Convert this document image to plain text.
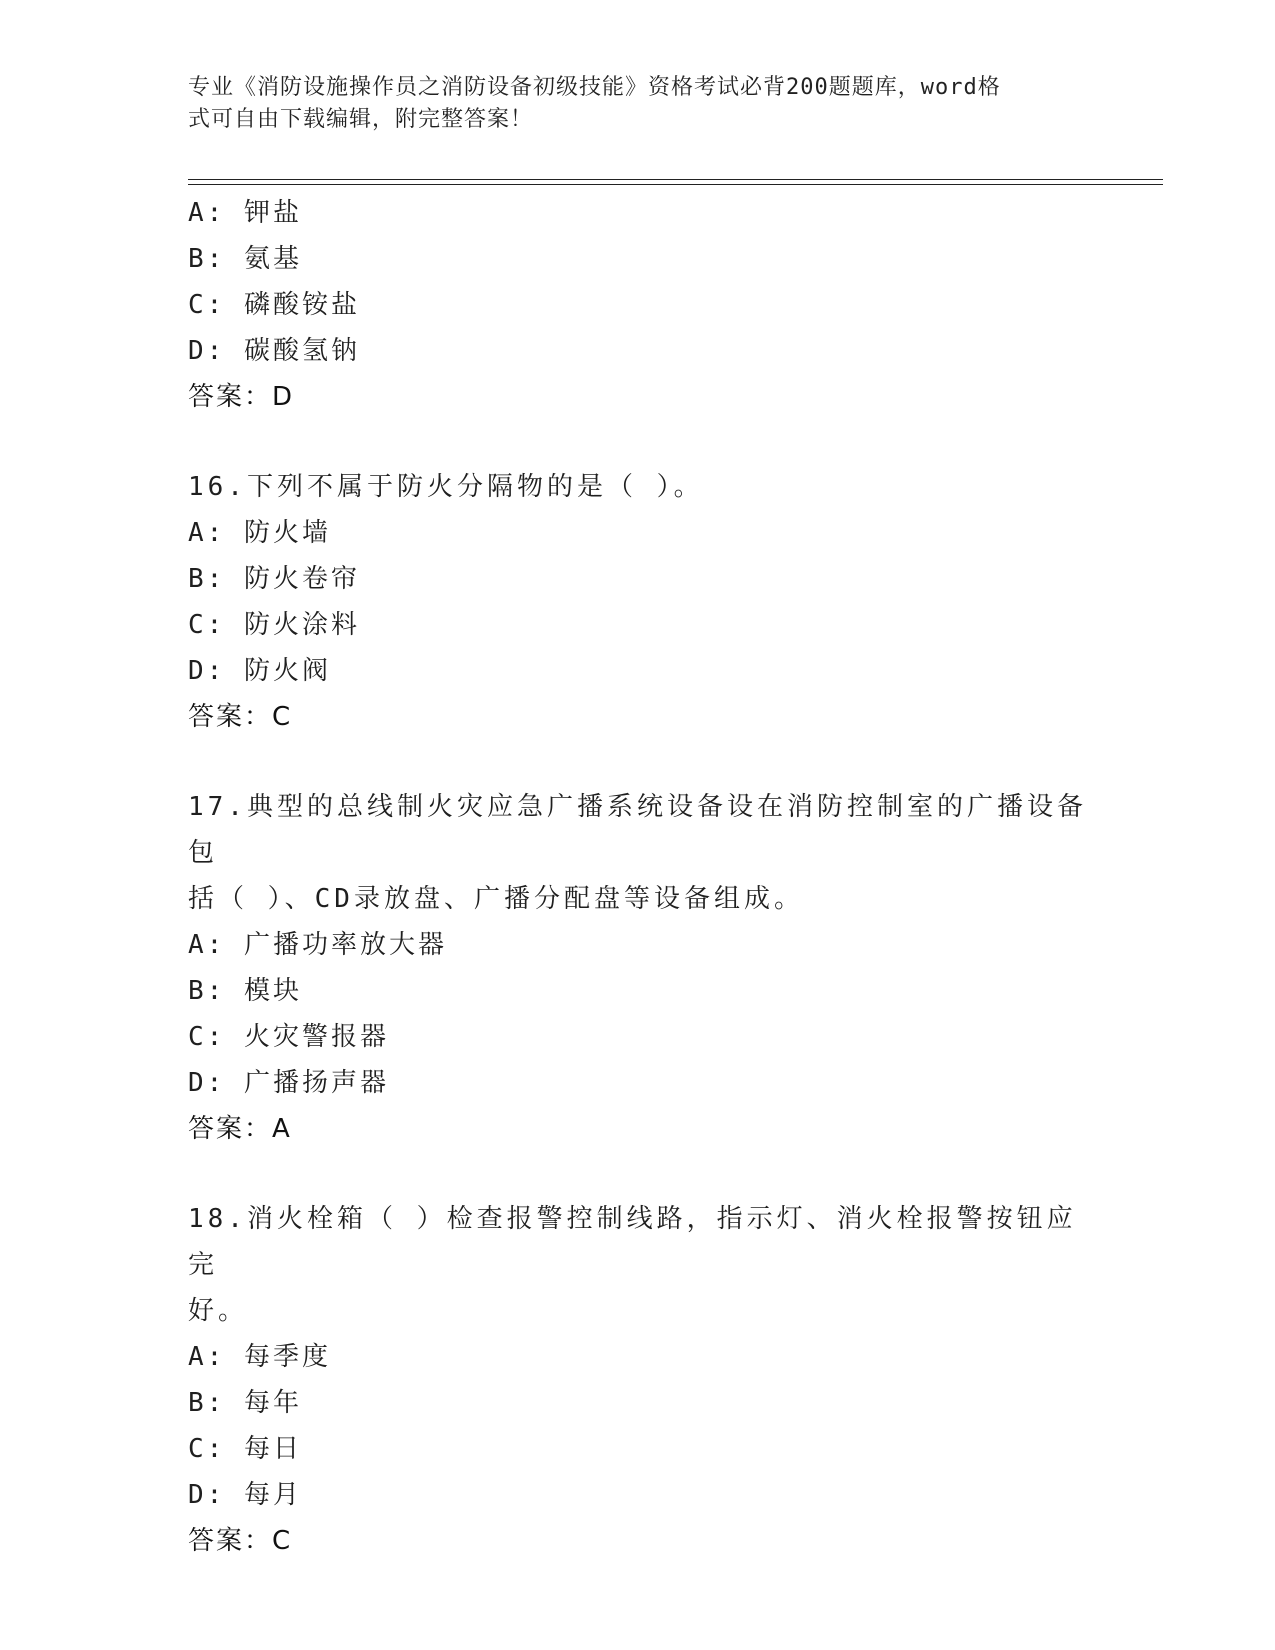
专业《消防设施操作员之消防设备初级技能》资格考试必背200题题库，word格
式可自由下载编辑，附完整答案！
A: 钾盐
B: 氨基
C: 磷酸铵盐
D: 碳酸氢钠
答案：D
16.下列不属于防火分隔物的是（ ）。
A: 防火墙
B: 防火卷帘
C: 防火涂料
D: 防火阀
答案：C
17.典型的总线制火灾应急广播系统设备设在消防控制室的广播设备包
括（ ）、CD录放盘、广播分配盘等设备组成。
A: 广播功率放大器
B: 模块
C: 火灾警报器
D: 广播扬声器
答案：A
18.消火栓箱（ ）检查报警控制线路，指示灯、消火栓报警按钮应完
好。
A: 每季度
B: 每年
C: 每日
D: 每月
答案：C
